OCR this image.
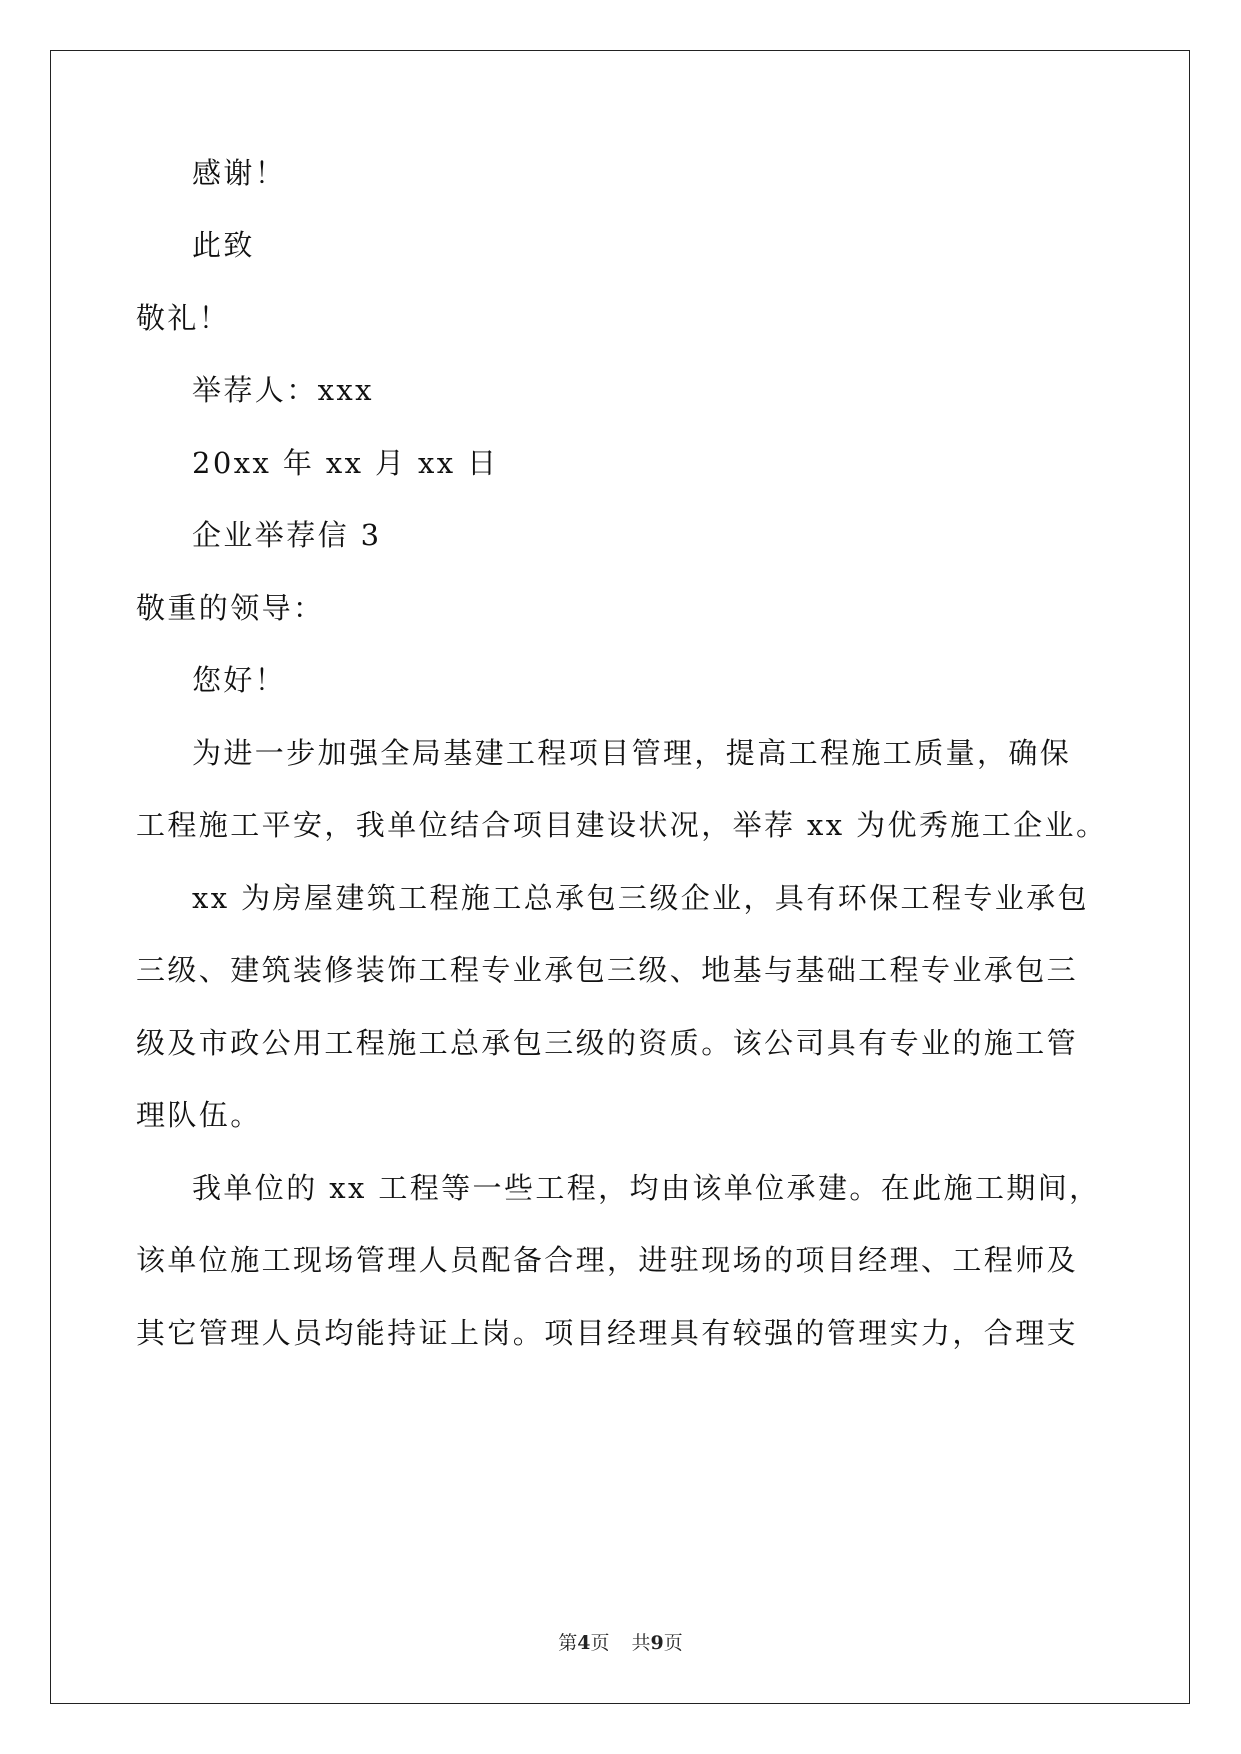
感谢！
此致
敬礼！
举荐人：xxx
20xx 年 xx 月 xx 日
企业举荐信 3
敬重的领导：
您好！
为进一步加强全局基建工程项目管理，提高工程施工质量，确保
工程施工平安，我单位结合项目建设状况，举荐 xx 为优秀施工企业。
xx 为房屋建筑工程施工总承包三级企业，具有环保工程专业承包
三级、建筑装修装饰工程专业承包三级、地基与基础工程专业承包三
级及市政公用工程施工总承包三级的资质。该公司具有专业的施工管
理队伍。
我单位的 xx 工程等一些工程，均由该单位承建。在此施工期间，
该单位施工现场管理人员配备合理，进驻现场的项目经理、工程师及
其它管理人员均能持证上岗。项目经理具有较强的管理实力，合理支
第4页 共9页
